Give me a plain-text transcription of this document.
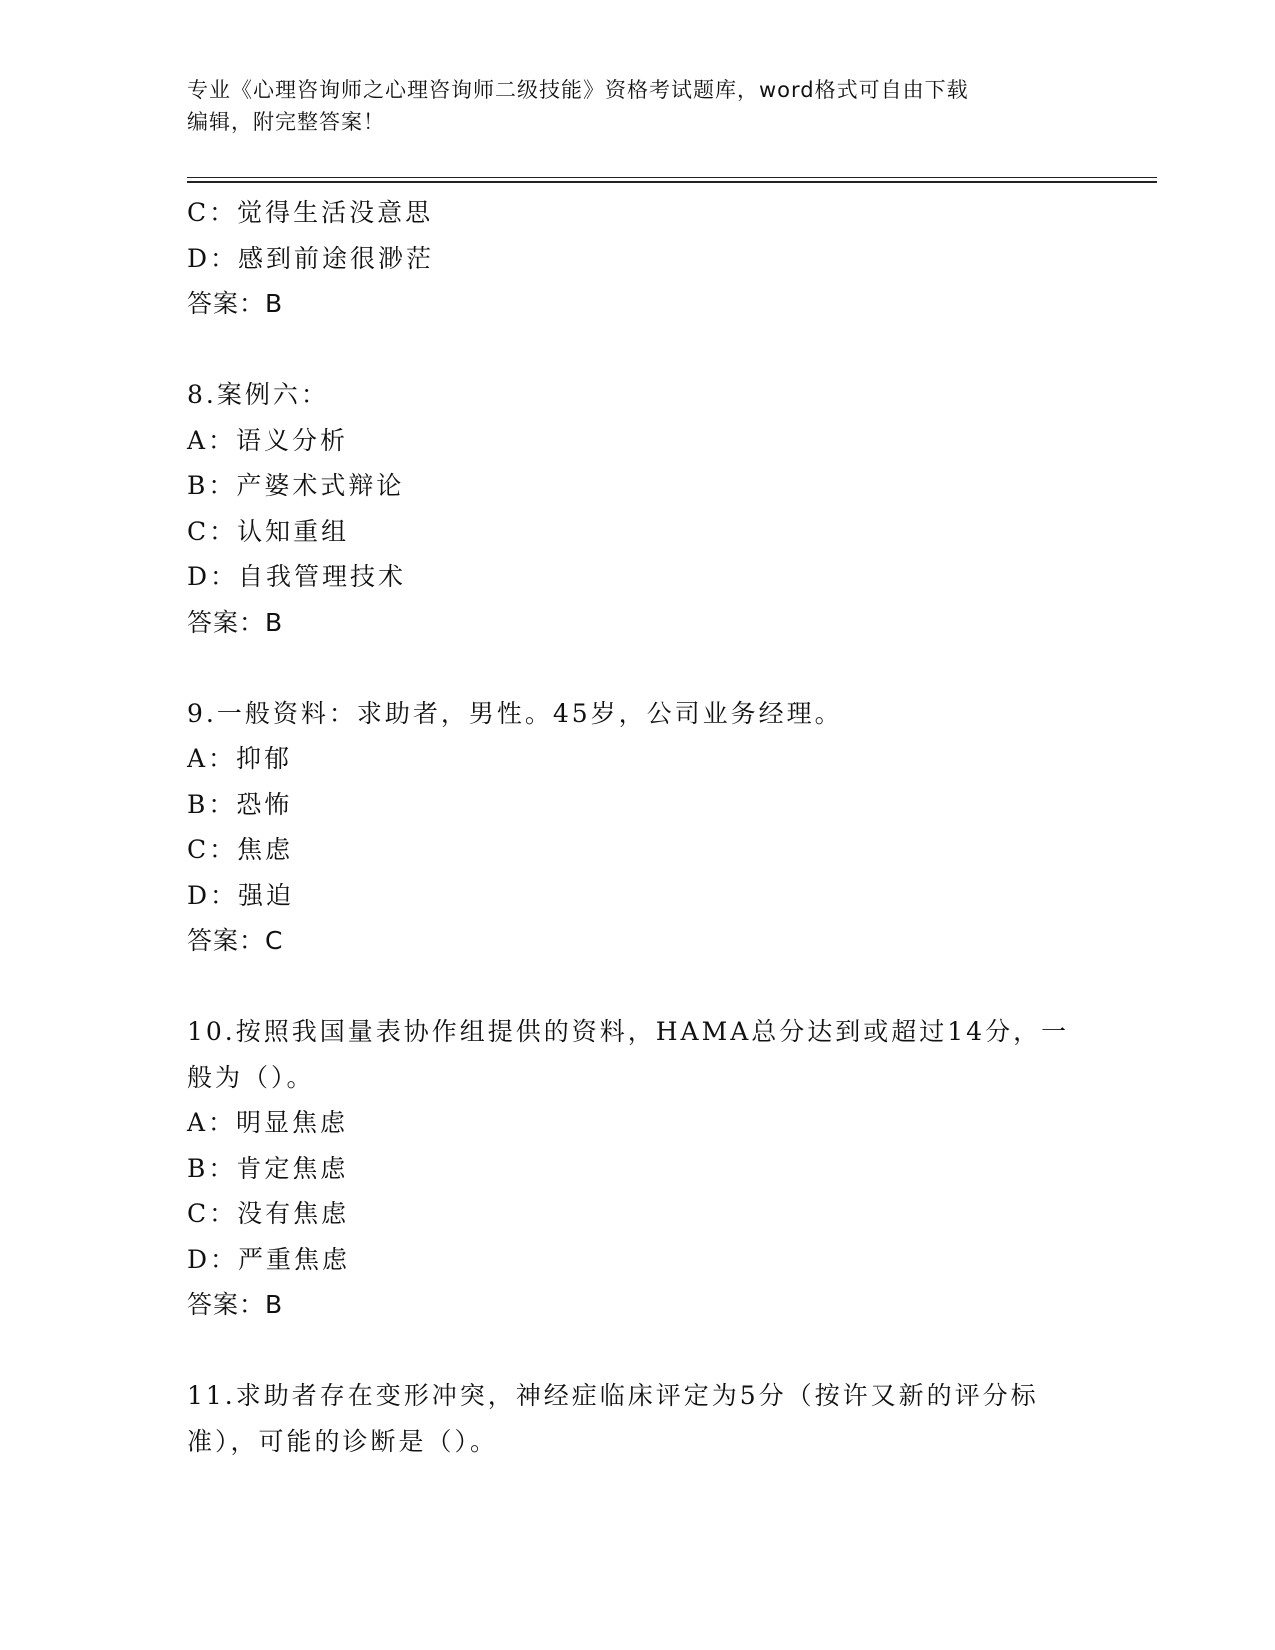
专业《心理咨询师之心理咨询师二级技能》资格考试题库，word格式可自由下载
编辑，附完整答案！
C：觉得生活没意思
D：感到前途很渺茫
答案：B
8.案例六：
A：语义分析
B：产婆术式辩论
C：认知重组
D：自我管理技术
答案：B
9.一般资料：求助者，男性。45岁，公司业务经理。
A：抑郁
B：恐怖
C：焦虑
D：强迫
答案：C
10.按照我国量表协作组提供的资料，HAMA总分达到或超过14分，一
般为（）。
A：明显焦虑
B：肯定焦虑
C：没有焦虑
D：严重焦虑
答案：B
11.求助者存在变形冲突，神经症临床评定为5分（按许又新的评分标
准），可能的诊断是（）。
